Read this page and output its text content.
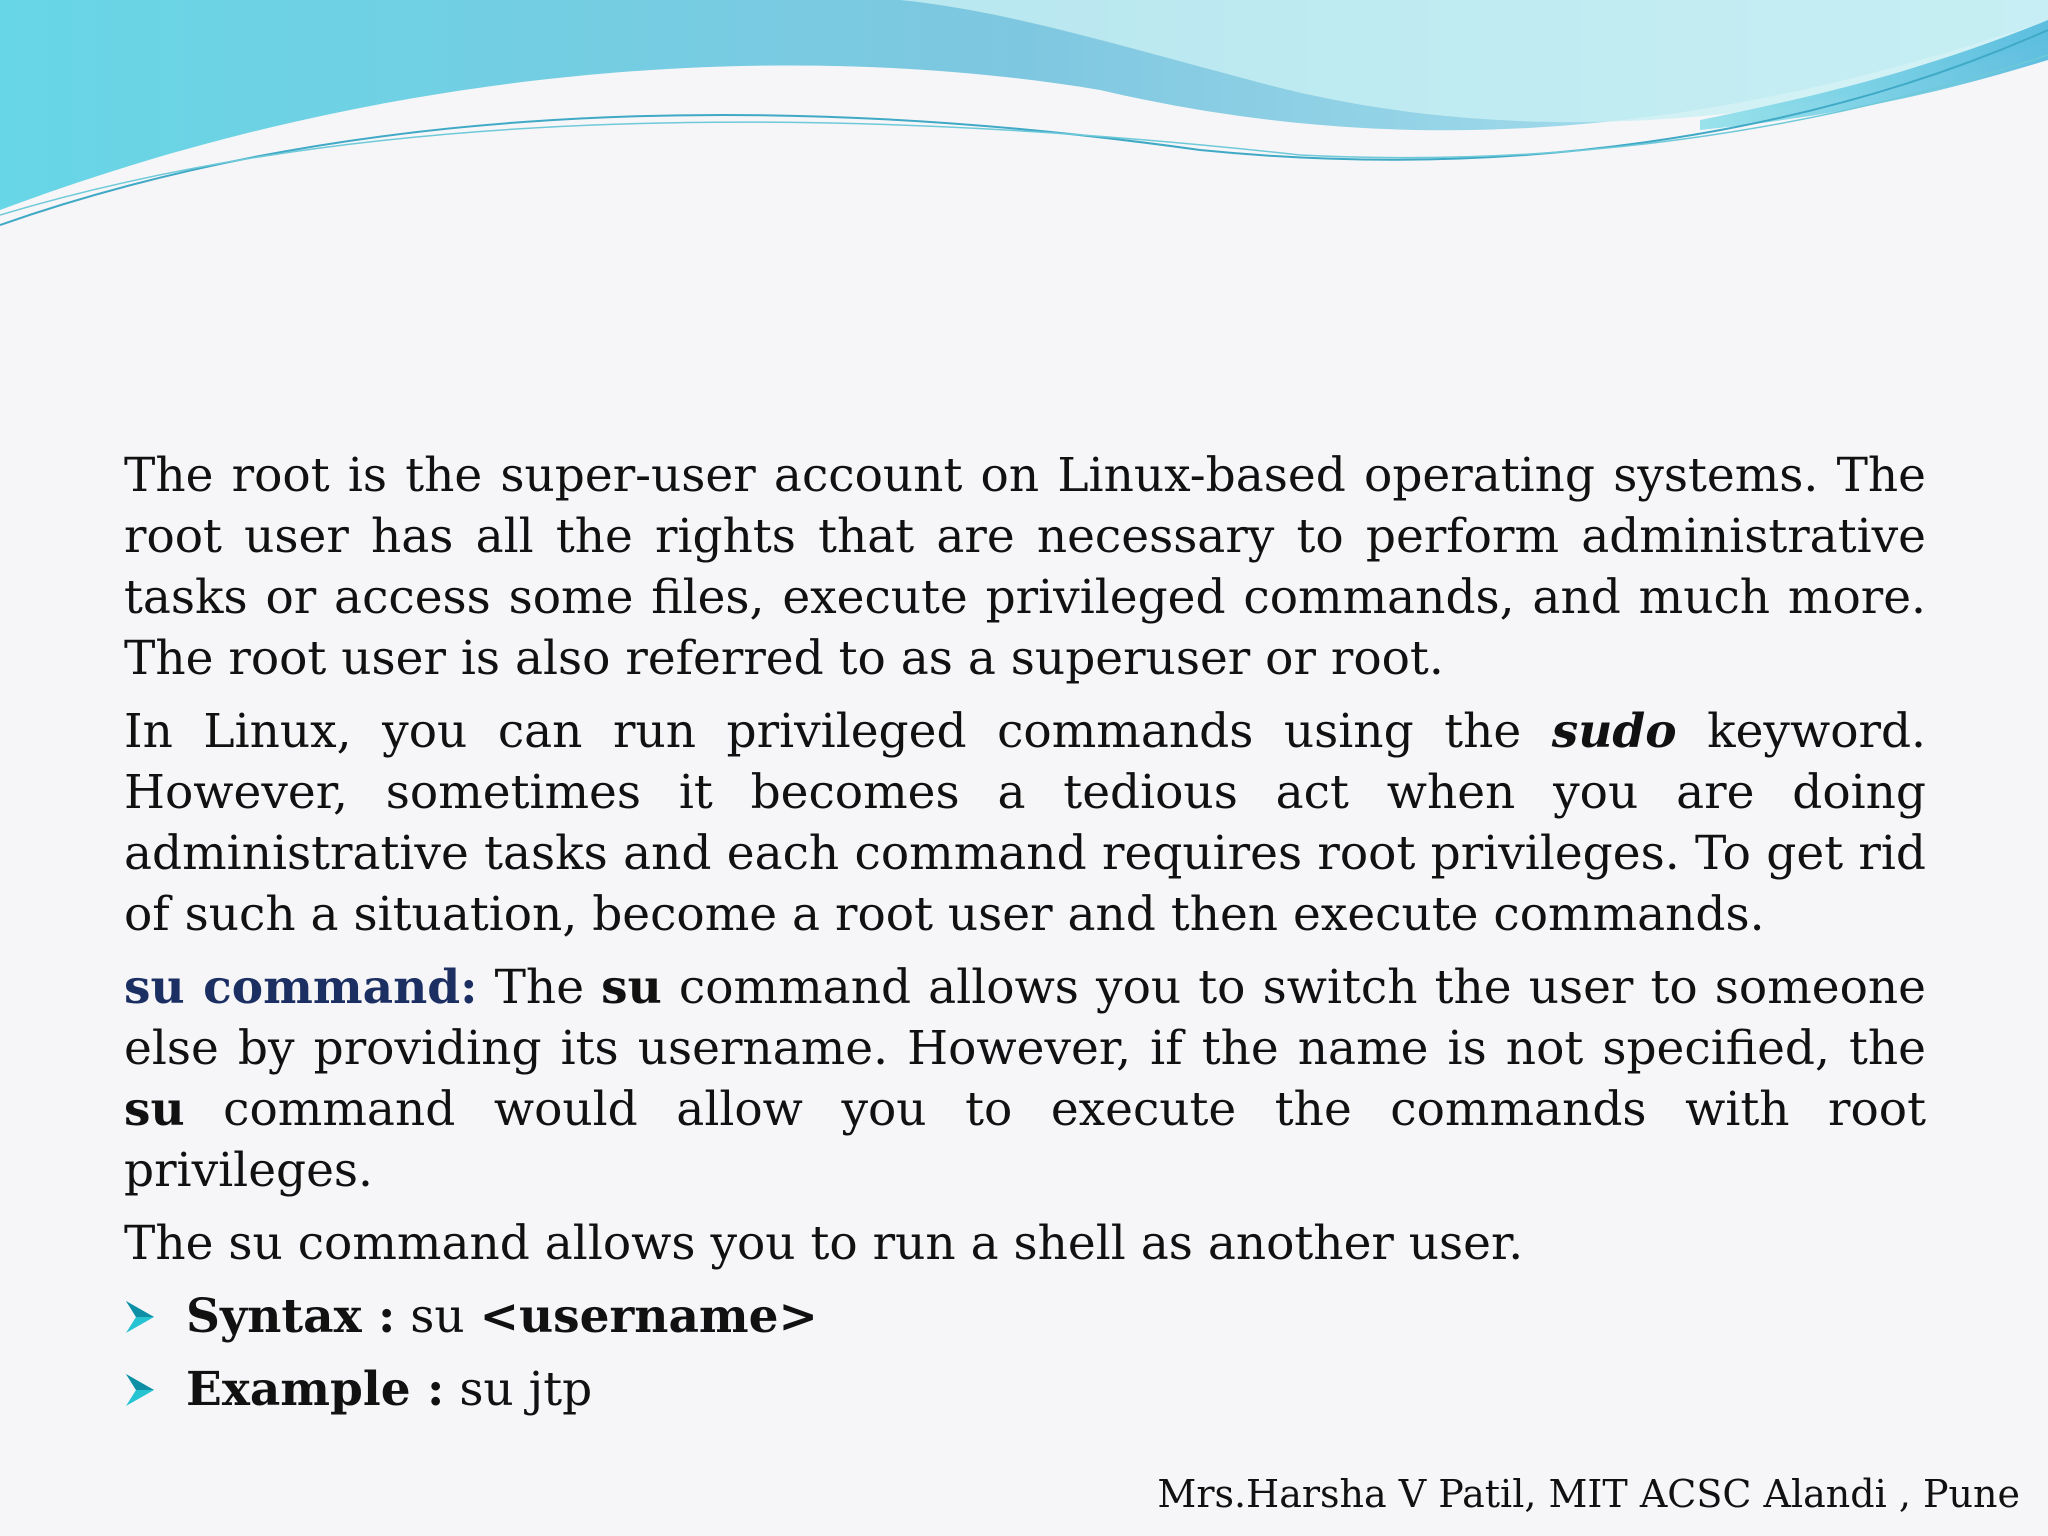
The root is the super-user account on Linux-based operating systems. The root user has all the rights that are necessary to perform administrative tasks or access some files, execute privileged commands, and much more. The root user is also referred to as a superuser or root.

In Linux, you can run privileged commands using the sudo keyword. However, sometimes it becomes a tedious act when you are doing administrative tasks and each command requires root privileges. To get rid of such a situation, become a root user and then execute commands.

su command: The su command allows you to switch the user to someone else by providing its username. However, if the name is not specified, the su command would allow you to execute the commands with root privileges.

The su command allows you to run a shell as another user.

Syntax : su <username>
Example : su jtp
Mrs.Harsha V Patil, MIT ACSC Alandi , Pune
